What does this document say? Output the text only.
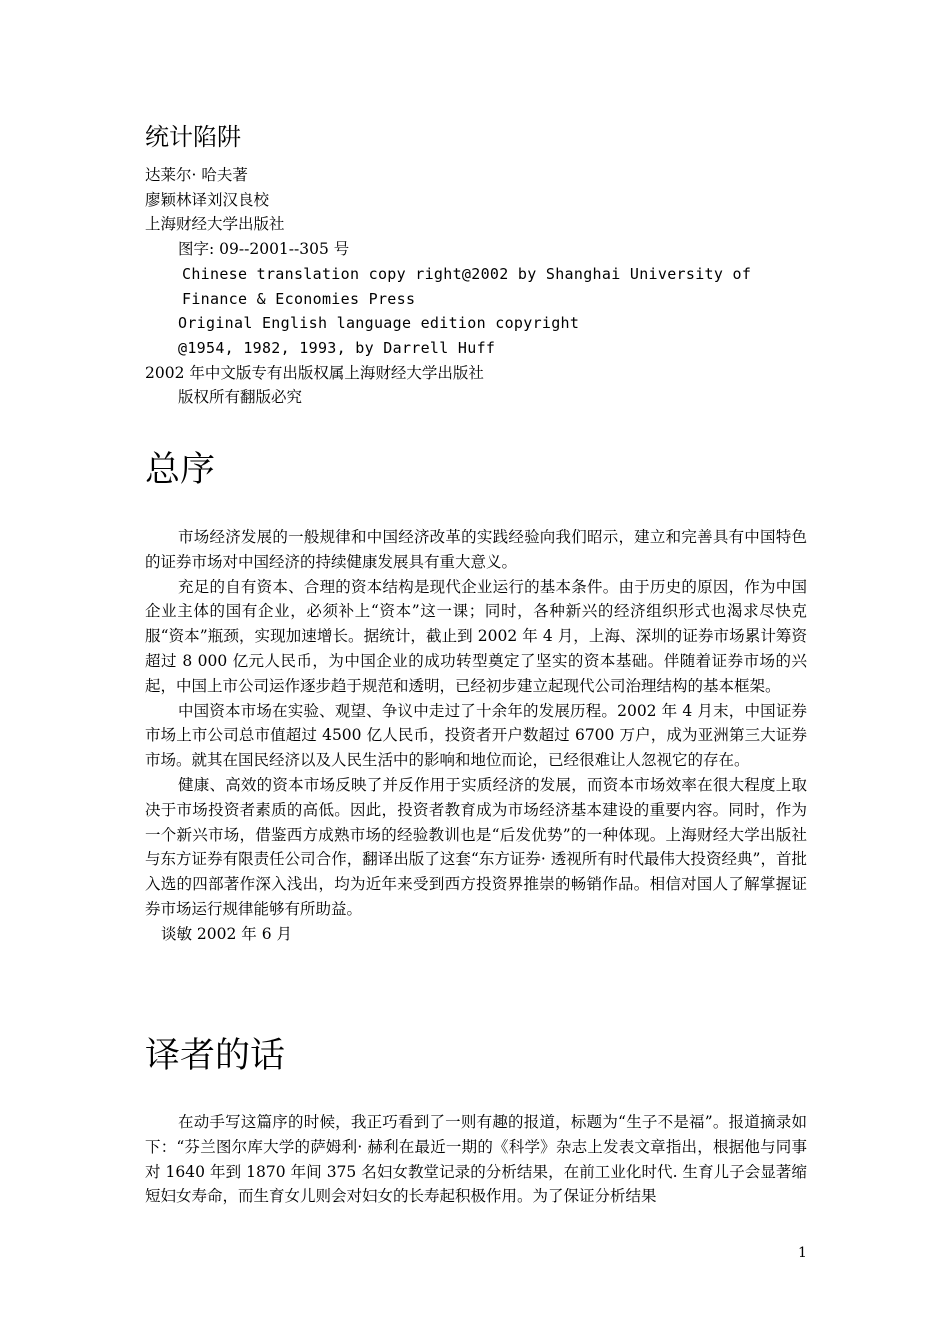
统计陷阱
达莱尔· 哈夫著
廖颖林译刘汉良校
上海财经大学出版社
图字: 09--2001--305 号
Chinese translation copy right@2002 by Shanghai University of Finance & Economies Press
Original English language edition copyright
@1954, 1982, 1993, by Darrell Huff
2002 年中文版专有出版权属上海财经大学出版社
版权所有翻版必究
总序

市场经济发展的一般规律和中国经济改革的实践经验向我们昭示，建立和完善具有中国特色的证券市场对中国经济的持续健康发展具有重大意义。

充足的自有资本、合理的资本结构是现代企业运行的基本条件。由于历史的原因，作为中国企业主体的国有企业，必须补上“资本”这一课；同时，各种新兴的经济组织形式也渴求尽快克服“资本”瓶颈，实现加速增长。据统计，截止到 2002 年 4 月，上海、深圳的证券市场累计筹资超过 8 000 亿元人民币，为中国企业的成功转型奠定了坚实的资本基础。伴随着证券市场的兴起，中国上市公司运作逐步趋于规范和透明，已经初步建立起现代公司治理结构的基本框架。

中国资本市场在实验、观望、争议中走过了十余年的发展历程。2002 年 4 月末，中国证券市场上市公司总市值超过 4500 亿人民币，投资者开户数超过 6700 万户，成为亚洲第三大证券市场。就其在国民经济以及人民生活中的影响和地位而论，已经很难让人忽视它的存在。

健康、高效的资本市场反映了并反作用于实质经济的发展，而资本市场效率在很大程度上取决于市场投资者素质的高低。因此，投资者教育成为市场经济基本建设的重要内容。同时，作为一个新兴市场，借鉴西方成熟市场的经验教训也是“后发优势”的一种体现。上海财经大学出版社与东方证券有限责任公司合作，翻译出版了这套“东方证券· 透视所有时代最伟大投资经典”，首批入选的四部著作深入浅出，均为近年来受到西方投资界推崇的畅销作品。相信对国人了解掌握证券市场运行规律能够有所助益。

谈敏 2002 年 6 月

译者的话

在动手写这篇序的时候，我正巧看到了一则有趣的报道，标题为“生子不是福”。报道摘录如下：“芬兰图尔库大学的萨姆利· 赫利在最近一期的《科学》杂志上发表文章指出，根据他与同事对 1640 年到 1870 年间 375 名妇女教堂记录的分析结果，在前工业化时代. 生育儿子会显著缩短妇女寿命，而生育女儿则会对妇女的长寿起积极作用。为了保证分析结果

1
